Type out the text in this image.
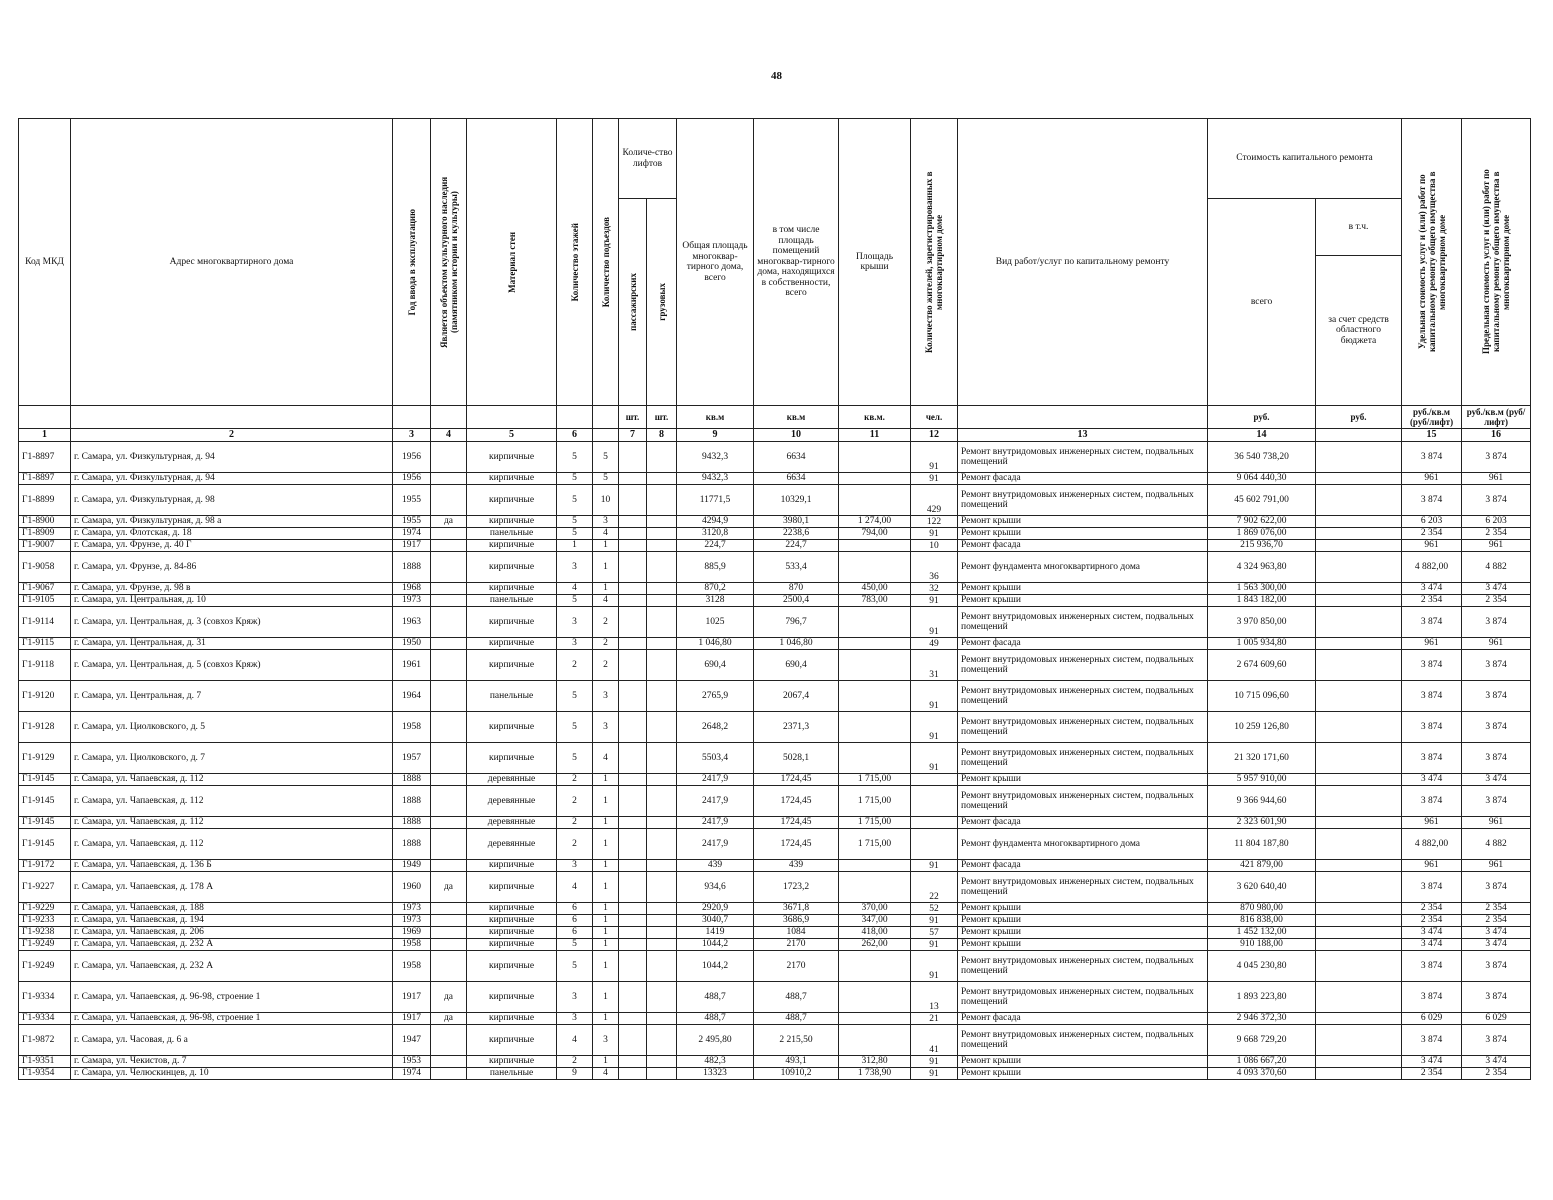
48
Код МКД	Адрес многоквартирного дома	Год ввода в эксплуатацию	Является объектом культурного наследия (памятником истории и культуры)	Материал стен	Количество этажей	Количество подъездов	Количе-ство лифтов		Общая площадь многоквар-тирного дома, всего	в том числе площадь помещений многоквар-тирного дома, находящихся в собственности, всего	Площадь крыши	Количество жителей, зарегистрированных в многоквартирном доме	Вид работ/услуг по капитальному ремонту	Стоимость капитального ремонта		Удельная стоимость услуг и (или) работ по капитальному ремонту общего имущества в многоквартирном доме	Предельная стоимость услуг и (или) работ по капитальному ремонту общего имущества в многоквартирном доме

							пассажирских	грузовых						всего	в т.ч.		
															за счет средств областного бюджета		
							шт.	шт.	кв.м	кв.м	кв.м.	чел.		руб.	руб.	руб./кв.м (руб/лифт)	руб./кв.м (руб/лифт)
1	2	3	4	5	6		7	8	9	10	11	12	13	14		15	16
Г1-8897	г. Самара, ул. Физкультурная, д. 94	1956		кирпичные	5	5			9432,3	6634		91	Ремонт внутридомовых инженерных систем, подвальных помещений	36 540 738,20		3 874	3 874
Г1-8897	г. Самара, ул. Физкультурная, д. 94	1956		кирпичные	5	5			9432,3	6634		91	Ремонт фасада	9 064 440,30		961	961
Г1-8899	г. Самара, ул. Физкультурная, д. 98	1955		кирпичные	5	10			11771,5	10329,1		429	Ремонт внутридомовых инженерных систем, подвальных помещений	45 602 791,00		3 874	3 874
Г1-8900	г. Самара, ул. Физкультурная, д. 98 а	1955	да	кирпичные	5	3			4294,9	3980,1	1 274,00	122	Ремонт крыши	7 902 622,00		6 203	6 203
Г1-8909	г. Самара, ул. Флотская, д. 18	1974		панельные	5	4			3120,8	2238,6	794,00	91	Ремонт крыши	1 869 076,00		2 354	2 354
Г1-9007	г. Самара, ул. Фрунзе, д. 40 Г	1917		кирпичные	1	1			224,7	224,7		10	Ремонт фасада	215 936,70		961	961
Г1-9058	г. Самара, ул. Фрунзе, д. 84-86	1888		кирпичные	3	1			885,9	533,4		36	Ремонт фундамента многоквартирного дома	4 324 963,80		4 882,00	4 882
Г1-9067	г. Самара, ул. Фрунзе, д. 98 в	1968		кирпичные	4	1			870,2	870	450,00	32	Ремонт крыши	1 563 300,00		3 474	3 474
Г1-9105	г. Самара, ул. Центральная, д. 10	1973		панельные	5	4			3128	2500,4	783,00	91	Ремонт крыши	1 843 182,00		2 354	2 354
Г1-9114	г. Самара, ул. Центральная, д. 3 (совхоз Кряж)	1963		кирпичные	3	2			1025	796,7		91	Ремонт внутридомовых инженерных систем, подвальных помещений	3 970 850,00		3 874	3 874
Г1-9115	г. Самара, ул. Центральная, д. 31	1950		кирпичные	3	2			1 046,80	1 046,80		49	Ремонт фасада	1 005 934,80		961	961
Г1-9118	г. Самара, ул. Центральная, д. 5 (совхоз Кряж)	1961		кирпичные	2	2			690,4	690,4		31	Ремонт внутридомовых инженерных систем, подвальных помещений	2 674 609,60		3 874	3 874
Г1-9120	г. Самара, ул. Центральная, д. 7	1964		панельные	5	3			2765,9	2067,4		91	Ремонт внутридомовых инженерных систем, подвальных помещений	10 715 096,60		3 874	3 874
Г1-9128	г. Самара, ул. Циолковского, д. 5	1958		кирпичные	5	3			2648,2	2371,3		91	Ремонт внутридомовых инженерных систем, подвальных помещений	10 259 126,80		3 874	3 874
Г1-9129	г. Самара, ул. Циолковского, д. 7	1957		кирпичные	5	4			5503,4	5028,1		91	Ремонт внутридомовых инженерных систем, подвальных помещений	21 320 171,60		3 874	3 874
Г1-9145	г. Самара, ул. Чапаевская, д. 112	1888		деревянные	2	1			2417,9	1724,45	1 715,00		Ремонт крыши	5 957 910,00		3 474	3 474
Г1-9145	г. Самара, ул. Чапаевская, д. 112	1888		деревянные	2	1			2417,9	1724,45	1 715,00		Ремонт внутридомовых инженерных систем, подвальных помещений	9 366 944,60		3 874	3 874
Г1-9145	г. Самара, ул. Чапаевская, д. 112	1888		деревянные	2	1			2417,9	1724,45	1 715,00		Ремонт фасада	2 323 601,90		961	961
Г1-9145	г. Самара, ул. Чапаевская, д. 112	1888		деревянные	2	1			2417,9	1724,45	1 715,00		Ремонт фундамента многоквартирного дома	11 804 187,80		4 882,00	4 882
Г1-9172	г. Самара, ул. Чапаевская, д. 136 Б	1949		кирпичные	3	1			439	439		91	Ремонт фасада	421 879,00		961	961
Г1-9227	г. Самара, ул. Чапаевская, д. 178 А	1960	да	кирпичные	4	1			934,6	1723,2		22	Ремонт внутридомовых инженерных систем, подвальных помещений	3 620 640,40		3 874	3 874
Г1-9229	г. Самара, ул. Чапаевская, д. 188	1973		кирпичные	6	1			2920,9	3671,8	370,00	52	Ремонт крыши	870 980,00		2 354	2 354
Г1-9233	г. Самара, ул. Чапаевская, д. 194	1973		кирпичные	6	1			3040,7	3686,9	347,00	91	Ремонт крыши	816 838,00		2 354	2 354
Г1-9238	г. Самара, ул. Чапаевская, д. 206	1969		кирпичные	6	1			1419	1084	418,00	57	Ремонт крыши	1 452 132,00		3 474	3 474
Г1-9249	г. Самара, ул. Чапаевская, д. 232 А	1958		кирпичные	5	1			1044,2	2170	262,00	91	Ремонт крыши	910 188,00		3 474	3 474
Г1-9249	г. Самара, ул. Чапаевская, д. 232 А	1958		кирпичные	5	1			1044,2	2170		91	Ремонт внутридомовых инженерных систем, подвальных помещений	4 045 230,80		3 874	3 874
Г1-9334	г. Самара, ул. Чапаевская, д. 96-98, строение 1	1917	да	кирпичные	3	1			488,7	488,7		13	Ремонт внутридомовых инженерных систем, подвальных помещений	1 893 223,80		3 874	3 874
Г1-9334	г. Самара, ул. Чапаевская, д. 96-98, строение 1	1917	да	кирпичные	3	1			488,7	488,7		21	Ремонт фасада	2 946 372,30		6 029	6 029
Г1-9872	г. Самара, ул. Часовая, д. 6 а	1947		кирпичные	4	3			2 495,80	2 215,50		41	Ремонт внутридомовых инженерных систем, подвальных помещений	9 668 729,20		3 874	3 874
Г1-9351	г. Самара, ул. Чекистов, д. 7	1953		кирпичные	2	1			482,3	493,1	312,80	91	Ремонт крыши	1 086 667,20		3 474	3 474
Г1-9354	г. Самара, ул. Челюскинцев, д. 10	1974		панельные	9	4			13323	10910,2	1 738,90	91	Ремонт крыши	4 093 370,60		2 354	2 354
